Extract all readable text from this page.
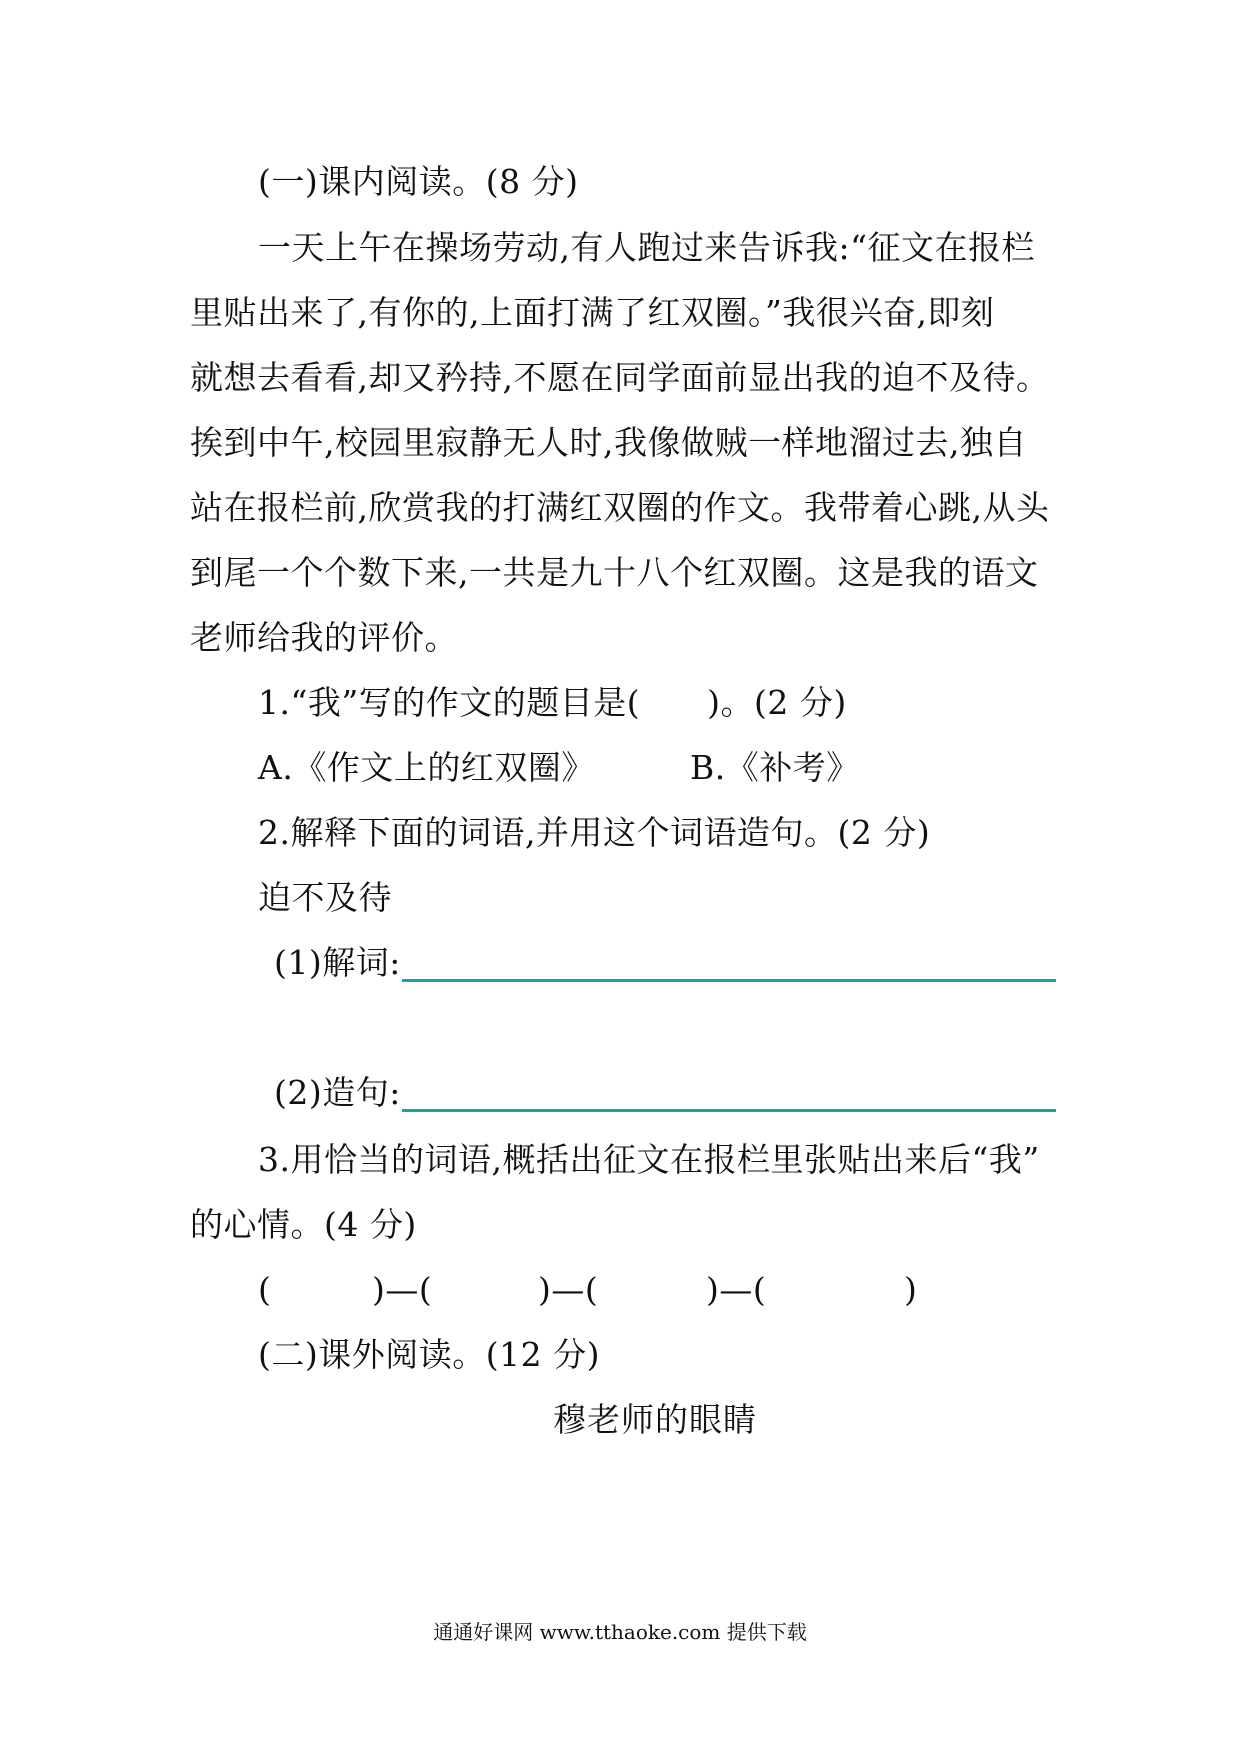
(一)课内阅读。(8 分)
一天上午在操场劳动,有人跑过来告诉我:“征文在报栏
里贴出来了,有你的,上面打满了红双圈。”我很兴奋,即刻
就想去看看,却又矜持,不愿在同学面前显出我的迫不及待。
挨到中午,校园里寂静无人时,我像做贼一样地溜过去,独自
站在报栏前,欣赏我的打满红双圈的作文。我带着心跳,从头
到尾一个个数下来,一共是九十八个红双圈。这是我的语文
老师给我的评价。
1.“我”写的作文的题目是(　　)。(2 分)
A.《作文上的红双圈》	B.《补考》
2.解释下面的词语,并用这个词语造句。(2 分)
迫不及待
(1)解词:
(2)造句:
3.用恰当的词语,概括出征文在报栏里张贴出来后“我”
的心情。(4 分)
(	)—(	)—(	)—(	)
(二)课外阅读。(12 分)
穆老师的眼睛
通通好课网 www.tthaoke.com 提供下载
